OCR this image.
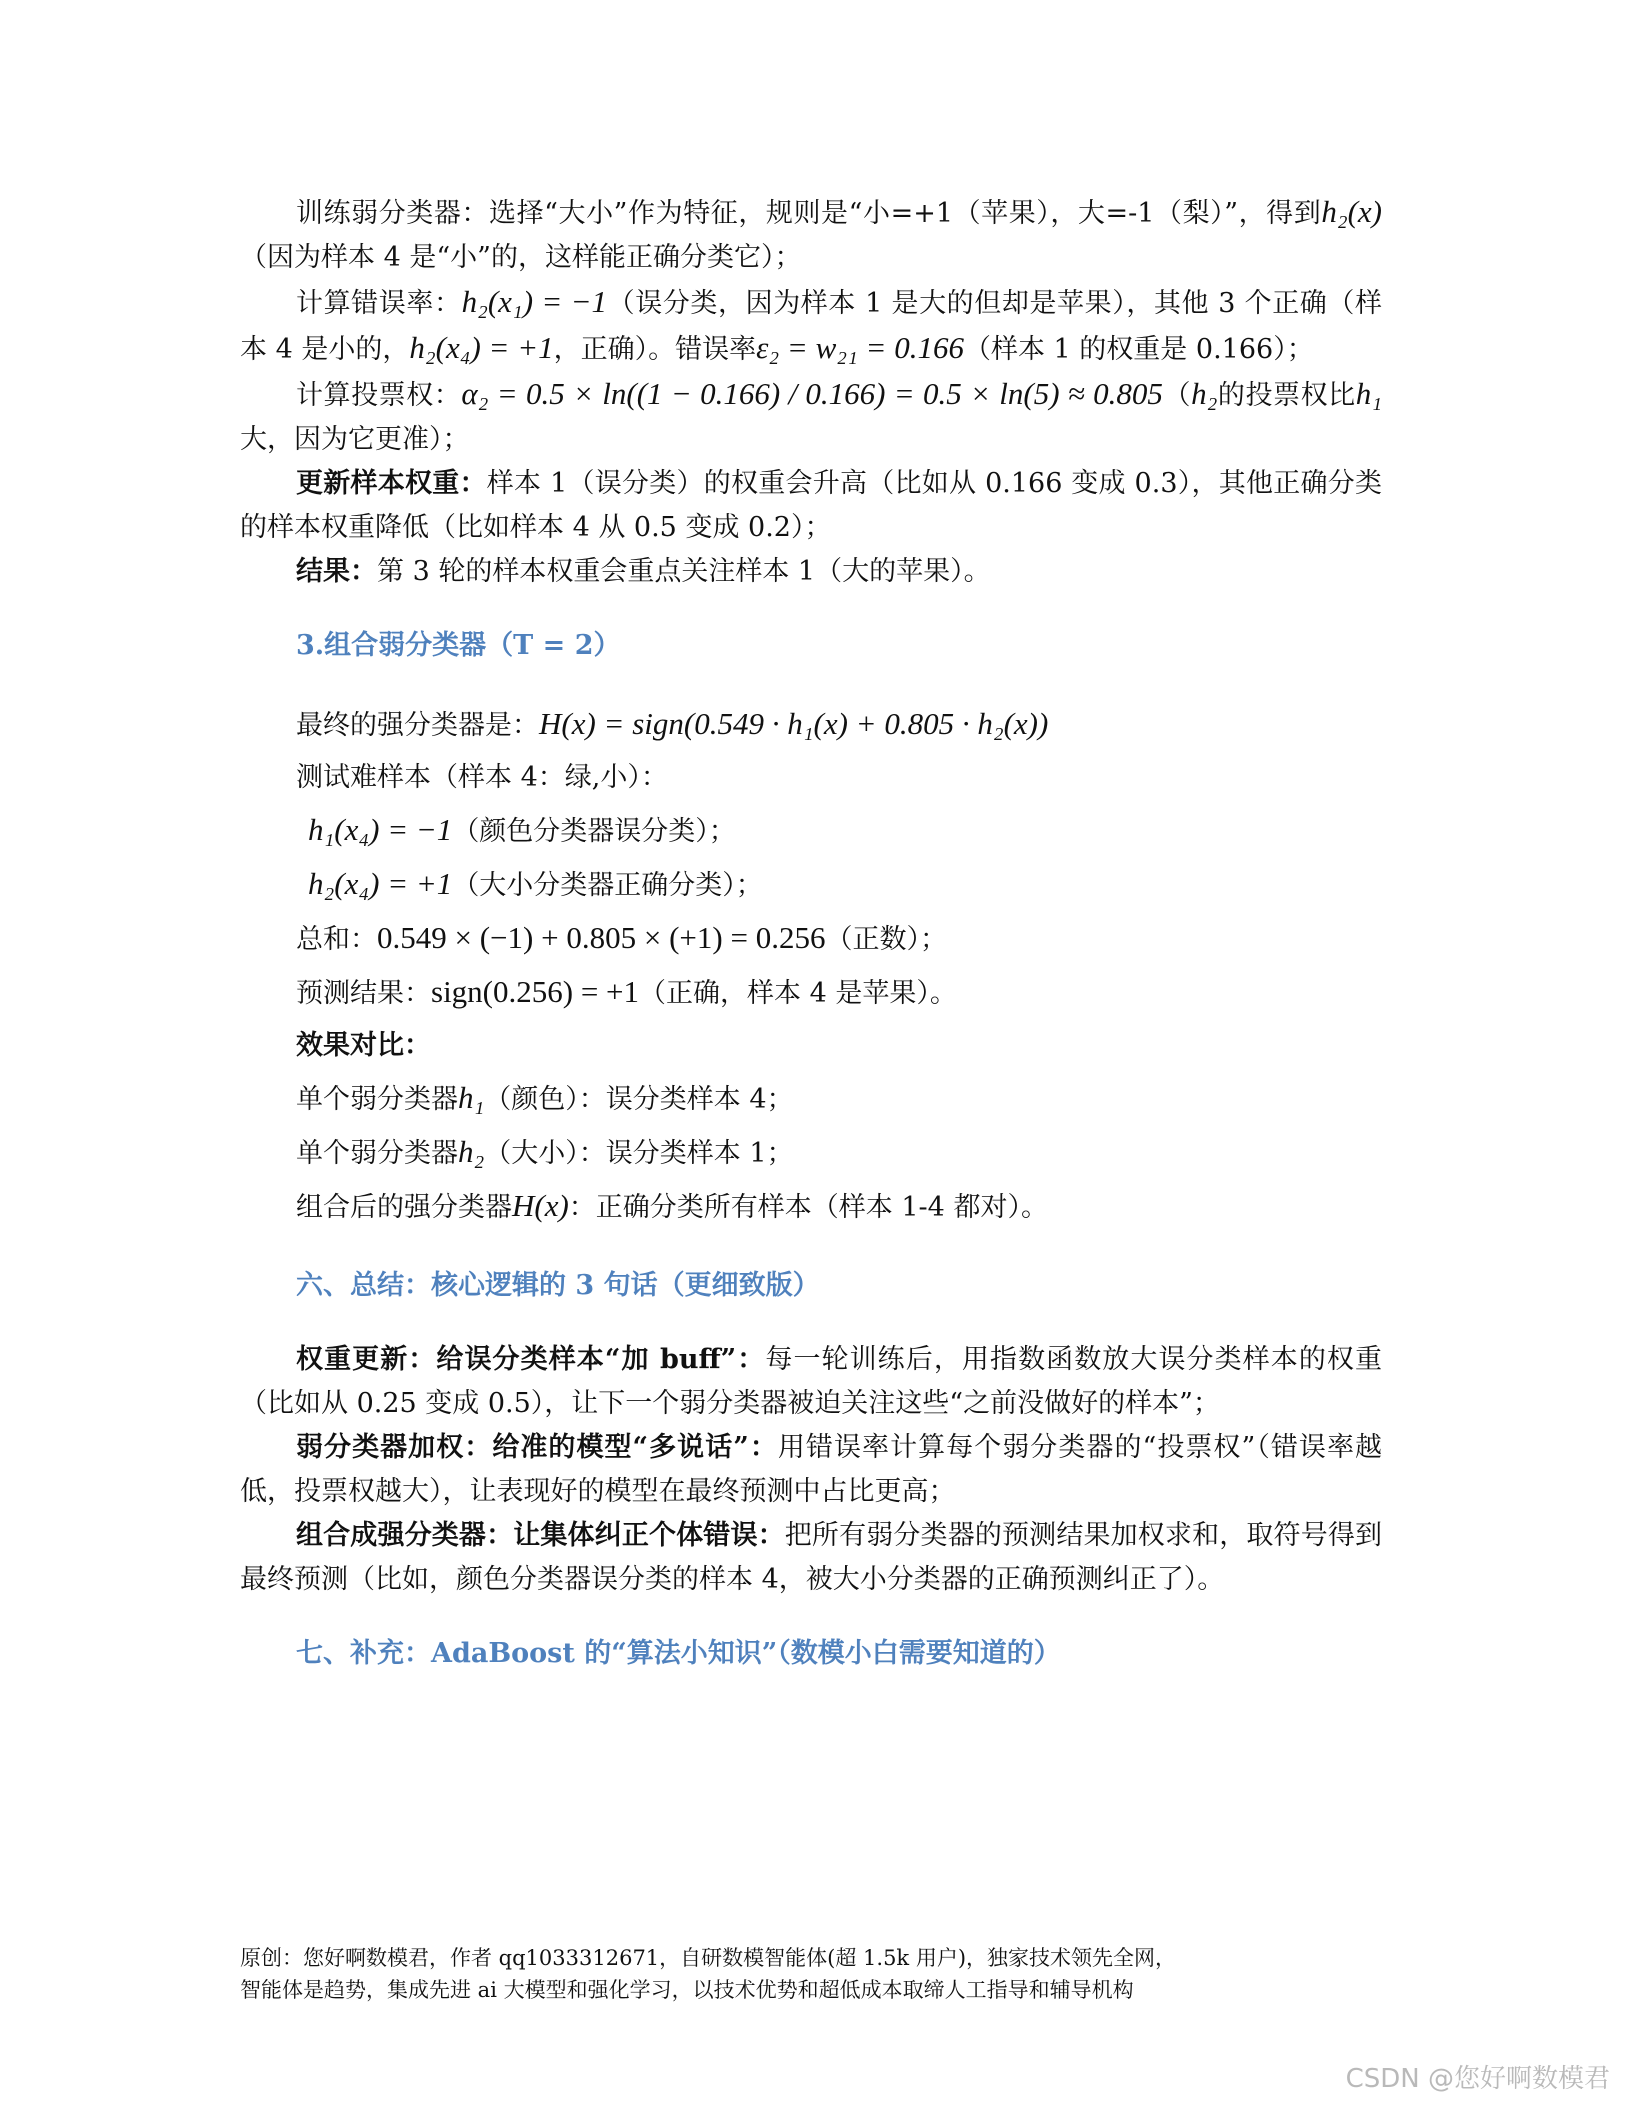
训练弱分类器：选择“大小”作为特征，规则是“小=+1（苹果），大=-1（梨）”，得到h₂(x)（因为样本 4 是“小”的，这样能正确分类它）；

计算错误率：h₂(x₁) = −1（误分类，因为样本 1 是大的但却是苹果），其他 3 个正确（样本 4 是小的，h₂(x₄) = +1，正确）。错误率ε₂ = w₂₁ = 0.166（样本 1 的权重是 0.166）；

计算投票权：α₂ = 0.5 × ln((1 − 0.166) / 0.166) = 0.5 × ln(5) ≈ 0.805（h₂的投票权比h₁大，因为它更准）；

更新样本权重：样本 1（误分类）的权重会升高（比如从 0.166 变成 0.3），其他正确分类的样本权重降低（比如样本 4 从 0.5 变成 0.2）；

结果：第 3 轮的样本权重会重点关注样本 1（大的苹果）。

3.组合弱分类器（T = 2）

最终的强分类器是：H(x) = sign(0.549 · h₁(x) + 0.805 · h₂(x))

测试难样本（样本 4：绿,小）：

h₁(x₄) = −1（颜色分类器误分类）；

h₂(x₄) = +1（大小分类器正确分类）；

总和：0.549 × (−1) + 0.805 × (+1) = 0.256（正数）；

预测结果：sign(0.256) = +1（正确，样本 4 是苹果）。

效果对比：

单个弱分类器h₁（颜色）：误分类样本 4；

单个弱分类器h₂（大小）：误分类样本 1；

组合后的强分类器H(x)：正确分类所有样本（样本 1-4 都对）。

六、总结：核心逻辑的 3 句话（更细致版）

权重更新：给误分类样本“加 buff”：每一轮训练后，用指数函数放大误分类样本的权重（比如从 0.25 变成 0.5），让下一个弱分类器被迫关注这些“之前没做好的样本”；

弱分类器加权：给准的模型“多说话”：用错误率计算每个弱分类器的“投票权”（错误率越低，投票权越大），让表现好的模型在最终预测中占比更高；

组合成强分类器：让集体纠正个体错误：把所有弱分类器的预测结果加权求和，取符号得到最终预测（比如，颜色分类器误分类的样本 4，被大小分类器的正确预测纠正了）。

七、补充：AdaBoost 的“算法小知识”（数模小白需要知道的）

原创：您好啊数模君，作者 qq1033312671，自研数模智能体(超 1.5k 用户)，独家技术领先全网，
智能体是趋势，集成先进 ai 大模型和强化学习，以技术优势和超低成本取缔人工指导和辅导机构
CSDN @您好啊数模君
